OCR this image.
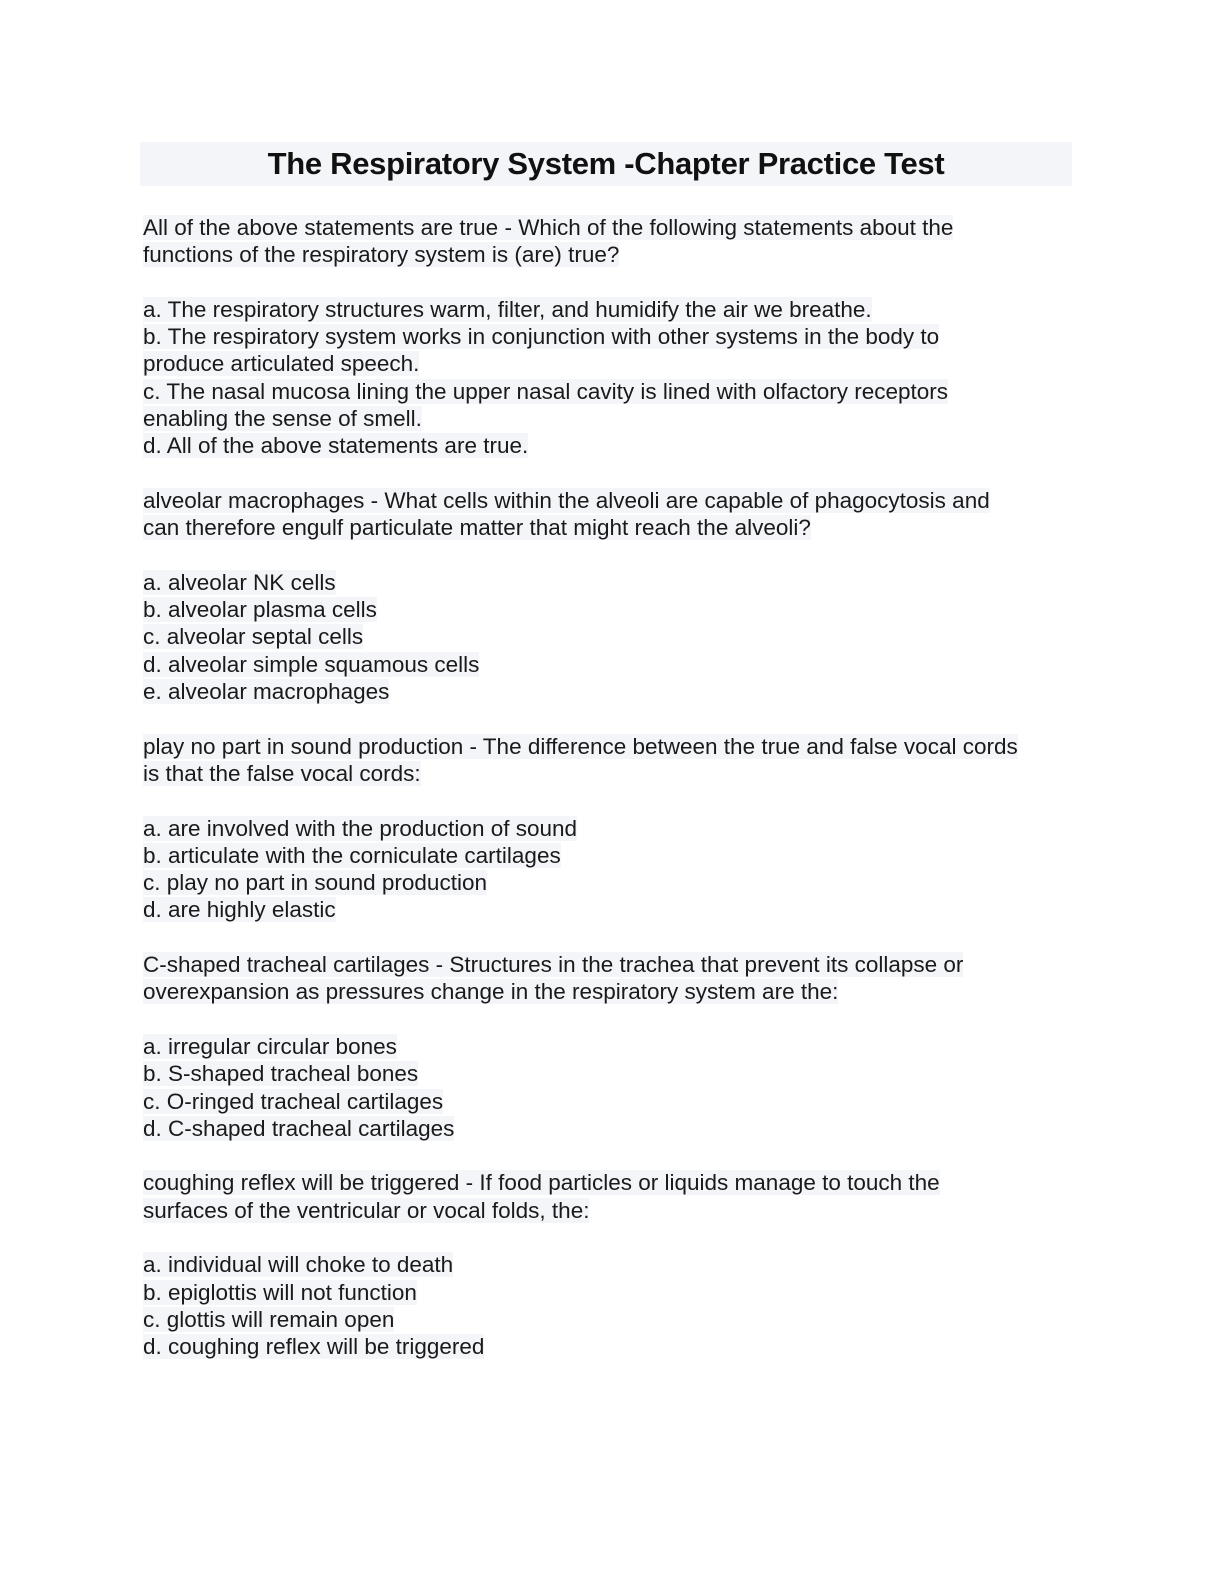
The Respiratory System -Chapter Practice Test
All of the above statements are true - Which of the following statements about the
functions of the respiratory system is (are) true?
a. The respiratory structures warm, filter, and humidify the air we breathe.
b. The respiratory system works in conjunction with other systems in the body to
produce articulated speech.
c. The nasal mucosa lining the upper nasal cavity is lined with olfactory receptors
enabling the sense of smell.
d. All of the above statements are true.
alveolar macrophages - What cells within the alveoli are capable of phagocytosis and
can therefore engulf particulate matter that might reach the alveoli?
a. alveolar NK cells
b. alveolar plasma cells
c. alveolar septal cells
d. alveolar simple squamous cells
e. alveolar macrophages
play no part in sound production - The difference between the true and false vocal cords
is that the false vocal cords:
a. are involved with the production of sound
b. articulate with the corniculate cartilages
c. play no part in sound production
d. are highly elastic
C-shaped tracheal cartilages - Structures in the trachea that prevent its collapse or
overexpansion as pressures change in the respiratory system are the:
a. irregular circular bones
b. S-shaped tracheal bones
c. O-ringed tracheal cartilages
d. C-shaped tracheal cartilages
coughing reflex will be triggered - If food particles or liquids manage to touch the
surfaces of the ventricular or vocal folds, the:
a. individual will choke to death
b. epiglottis will not function
c. glottis will remain open
d. coughing reflex will be triggered
